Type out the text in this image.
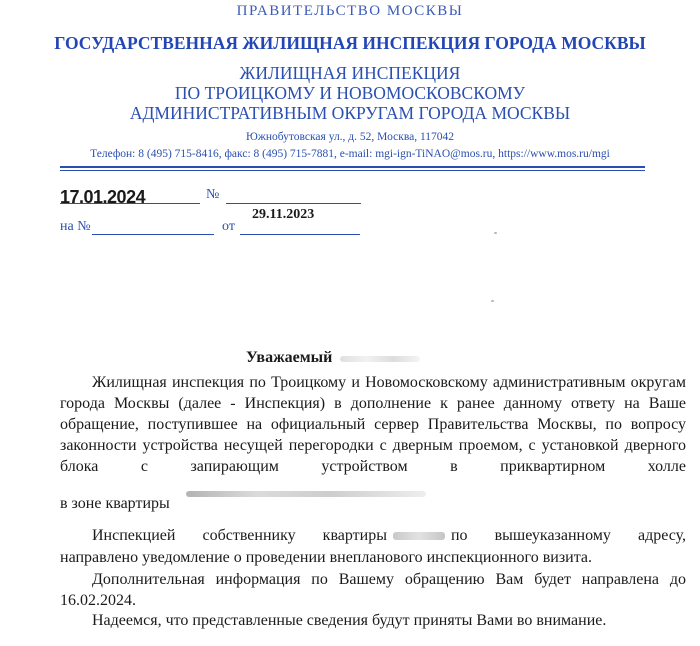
ПРАВИТЕЛЬСТВО МОСКВЫ
ГОСУДАРСТВЕННАЯ ЖИЛИЩНАЯ ИНСПЕКЦИЯ ГОРОДА МОСКВЫ
ЖИЛИЩНАЯ ИНСПЕКЦИЯ
ПО ТРОИЦКОМУ И НОВОМОСКОВСКОМУ
АДМИНИСТРАТИВНЫМ ОКРУГАМ ГОРОДА МОСКВЫ
Южнобутовская ул., д. 52, Москва, 117042
Телефон: 8 (495) 715-8416, факс: 8 (495) 715-7881, e-mail: mgi-ign-TiNAO@mos.ru, https://www.mos.ru/mgi
17.01.2024	№
на №	от
29.11.2023
Уважаемый
Жилищная инспекция по Троицкому и Новомосковскому административным округам города Москвы (далее - Инспекция) в дополнение к ранее данному ответу на Ваше обращение, поступившее на официальный сервер Правительства Москвы, по вопросу законности устройства несущей перегородки с дверным проемом, с установкой дверного блока с запирающим устройством в приквартирном холле
в зоне квартиры
Инспекцией собственнику квартиры	по вышеуказанному адресу,
направлено уведомление о проведении внепланового инспекционного визита.
Дополнительная информация по Вашему обращению Вам будет направлена до 16.02.2024.
Надеемся, что представленные сведения будут приняты Вами во внимание.
